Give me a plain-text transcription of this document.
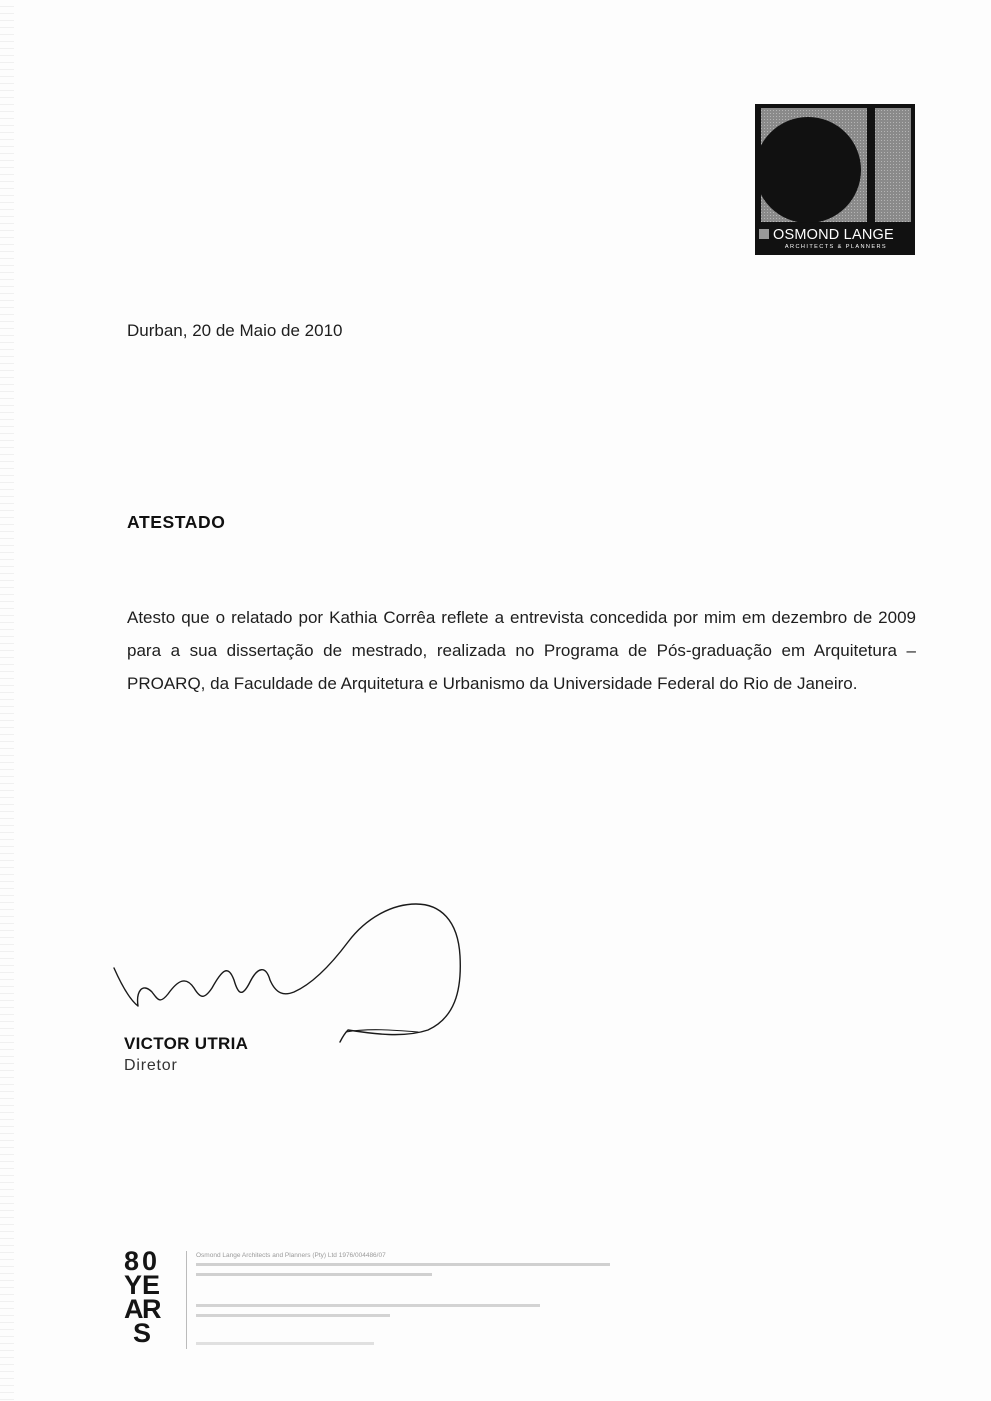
OSMOND LANGE
ARCHITECTS & PLANNERS
Durban, 20 de Maio de 2010
ATESTADO
Atesto que o relatado por Kathia Corrêa reflete a entrevista concedida por mim em dezembro de 2009 para a sua dissertação de mestrado, realizada no Programa de Pós-graduação em Arquitetura – PROARQ, da Faculdade de Arquitetura e Urbanismo da Universidade Federal do Rio de Janeiro.
VICTOR UTRIA
Diretor
8 0
Y E
A R
S
Osmond Lange Architects and Planners (Pty) Ltd 1976/004486/07
